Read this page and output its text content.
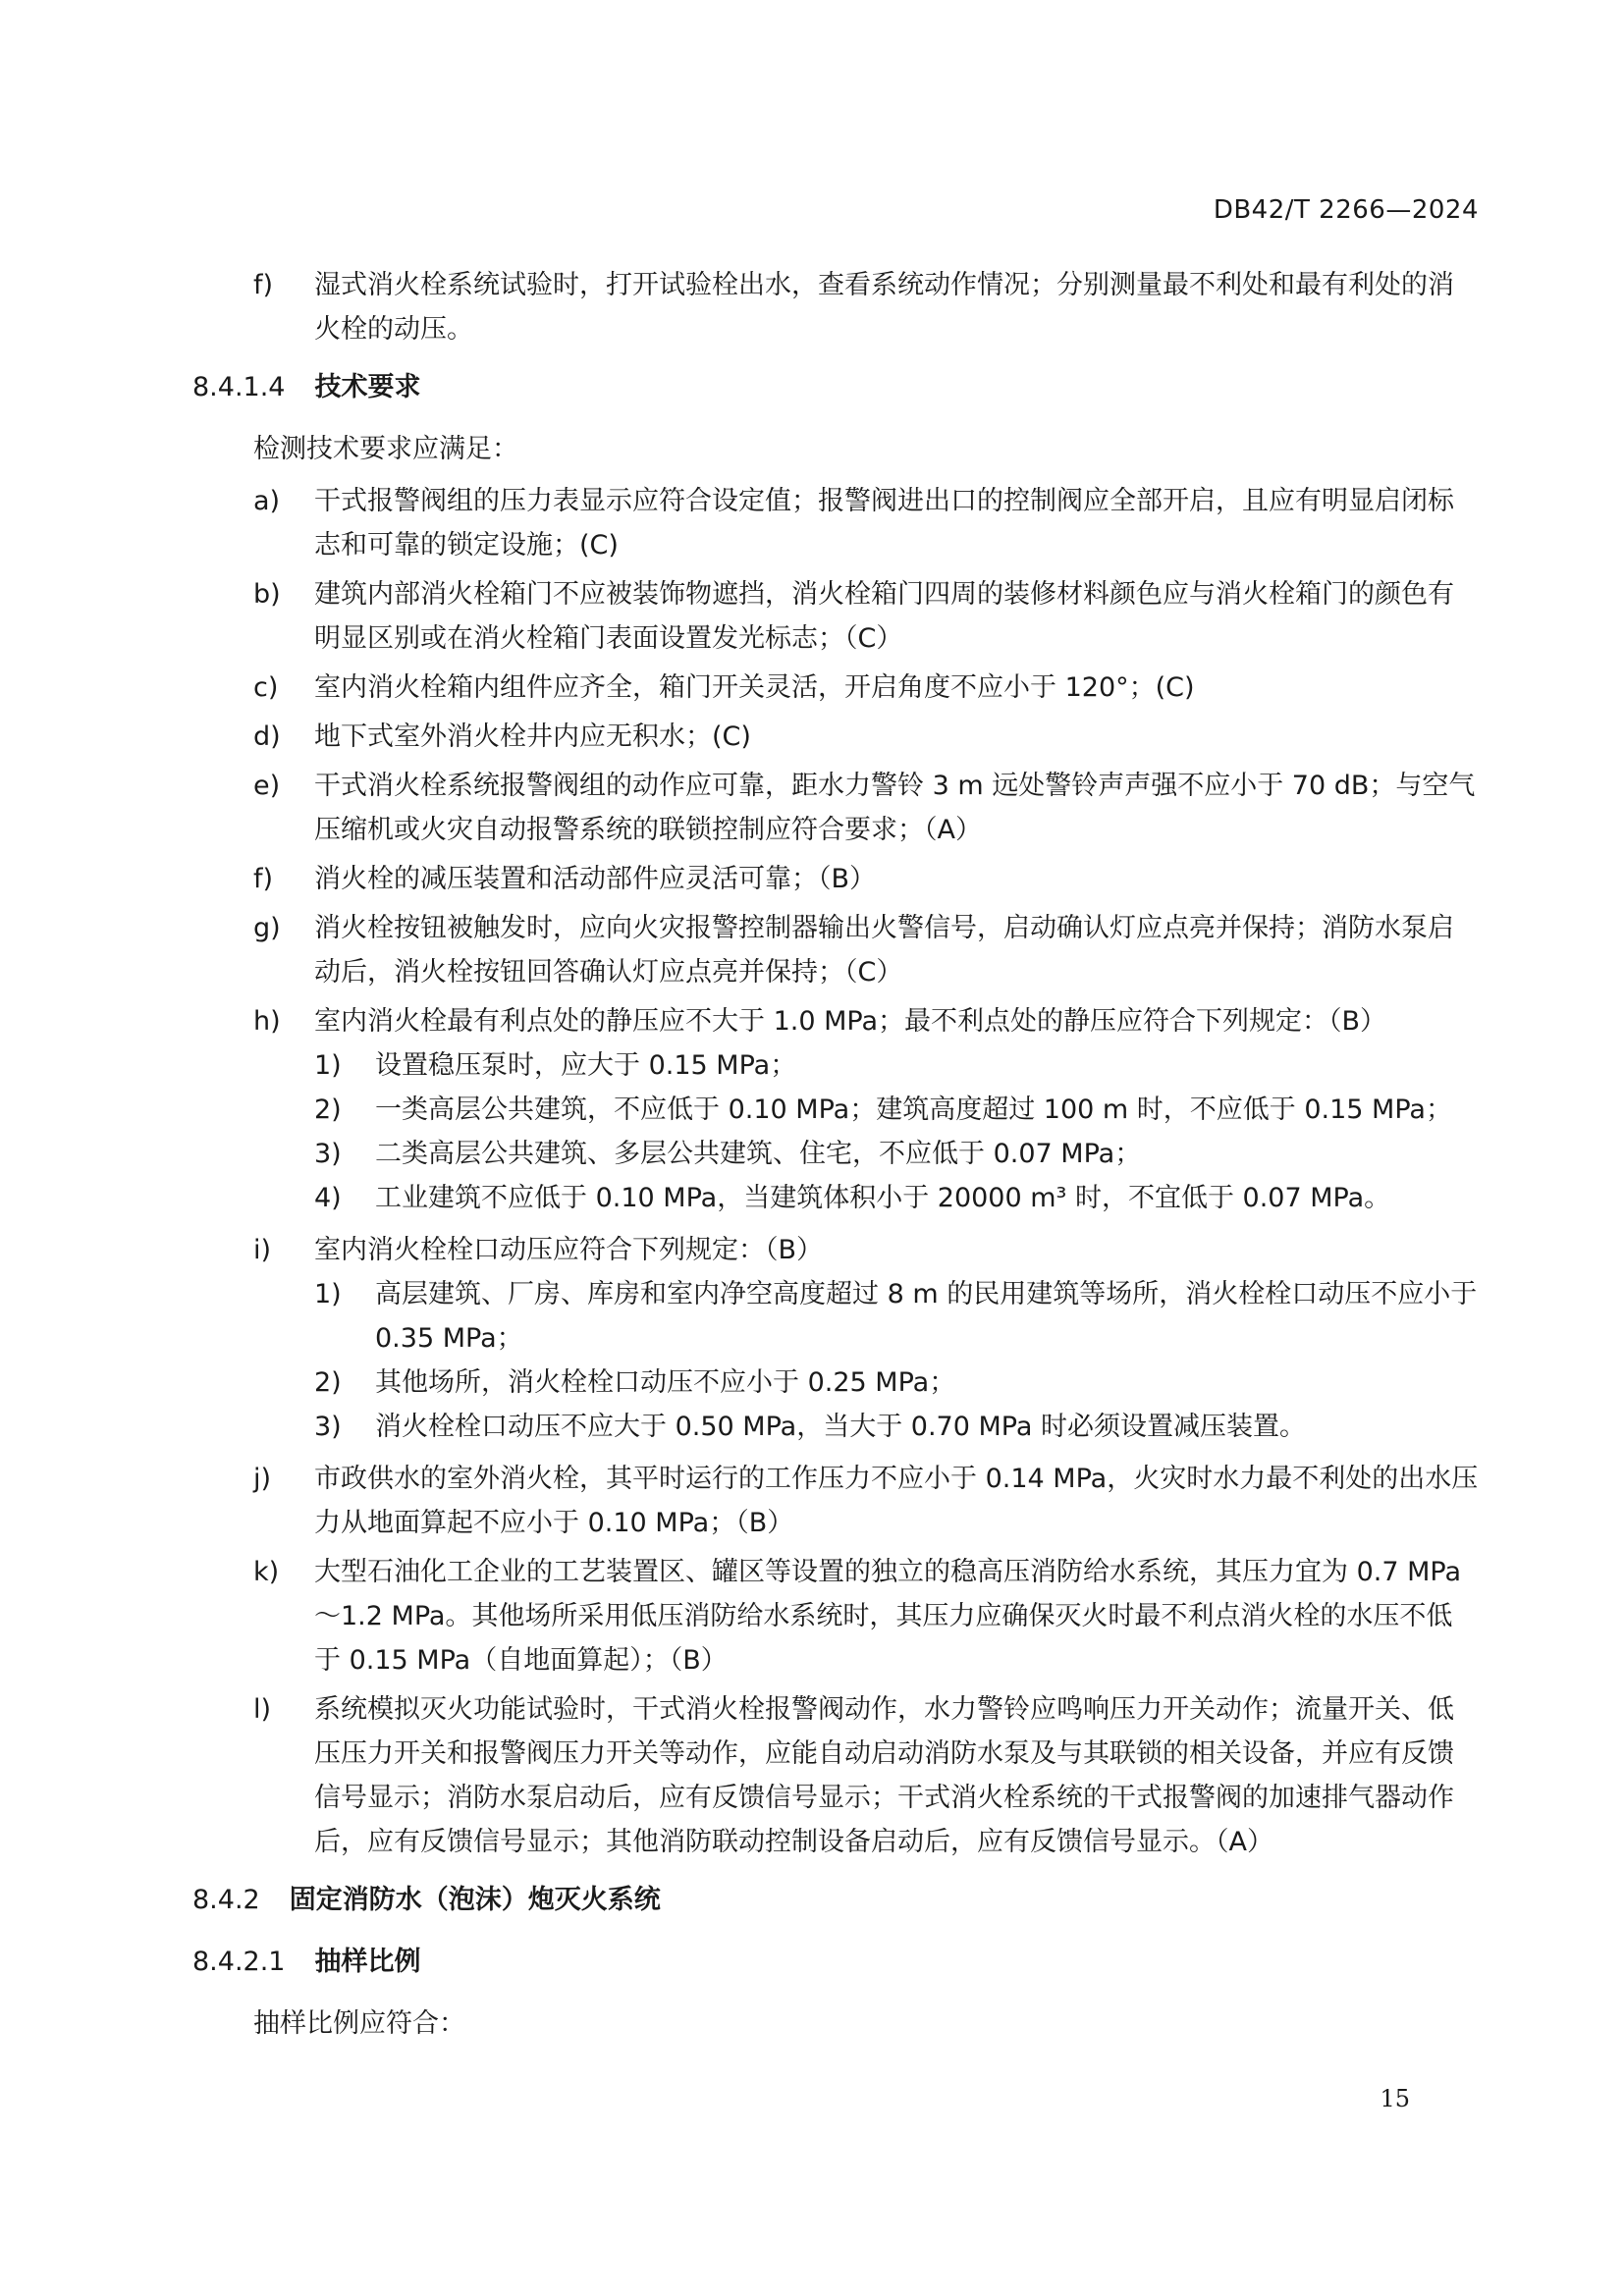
DB42/T 2266—2024
f)	湿式消火栓系统试验时，打开试验栓出水，查看系统动作情况；分别测量最不利处和最有利处的消火栓的动压。
8.4.1.4 技术要求
检测技术要求应满足：
a)	干式报警阀组的压力表显示应符合设定值；报警阀进出口的控制阀应全部开启，且应有明显启闭标志和可靠的锁定设施；(C)
b)	建筑内部消火栓箱门不应被装饰物遮挡，消火栓箱门四周的装修材料颜色应与消火栓箱门的颜色有明显区别或在消火栓箱门表面设置发光标志；（C）
c)	室内消火栓箱内组件应齐全，箱门开关灵活，开启角度不应小于 120°；(C)
d)	地下式室外消火栓井内应无积水；(C)
e)	干式消火栓系统报警阀组的动作应可靠，距水力警铃 3 m 远处警铃声声强不应小于 70 dB；与空气压缩机或火灾自动报警系统的联锁控制应符合要求；（A）
f)	消火栓的减压装置和活动部件应灵活可靠；（B）
g)	消火栓按钮被触发时，应向火灾报警控制器输出火警信号，启动确认灯应点亮并保持；消防水泵启动后，消火栓按钮回答确认灯应点亮并保持；（C）
h)	室内消火栓最有利点处的静压应不大于 1.0 MPa；最不利点处的静压应符合下列规定：（B）
1)	设置稳压泵时，应大于 0.15 MPa；
2)	一类高层公共建筑，不应低于 0.10 MPa；建筑高度超过 100 m 时，不应低于 0.15 MPa；
3)	二类高层公共建筑、多层公共建筑、住宅，不应低于 0.07 MPa；
4)	工业建筑不应低于 0.10 MPa，当建筑体积小于 20000 m³ 时，不宜低于 0.07 MPa。
i)	室内消火栓栓口动压应符合下列规定：（B）
1)	高层建筑、厂房、库房和室内净空高度超过 8 m 的民用建筑等场所，消火栓栓口动压不应小于 0.35 MPa；
2)	其他场所，消火栓栓口动压不应小于 0.25 MPa；
3)	消火栓栓口动压不应大于 0.50 MPa，当大于 0.70 MPa 时必须设置减压装置。
j)	市政供水的室外消火栓，其平时运行的工作压力不应小于 0.14 MPa，火灾时水力最不利处的出水压力从地面算起不应小于 0.10 MPa；（B）
k)	大型石油化工企业的工艺装置区、罐区等设置的独立的稳高压消防给水系统，其压力宜为 0.7 MPa～1.2 MPa。其他场所采用低压消防给水系统时，其压力应确保灭火时最不利点消火栓的水压不低于 0.15 MPa（自地面算起）；（B）
l)	系统模拟灭火功能试验时，干式消火栓报警阀动作，水力警铃应鸣响压力开关动作；流量开关、低压压力开关和报警阀压力开关等动作，应能自动启动消防水泵及与其联锁的相关设备，并应有反馈信号显示；消防水泵启动后，应有反馈信号显示；干式消火栓系统的干式报警阀的加速排气器动作后，应有反馈信号显示；其他消防联动控制设备启动后，应有反馈信号显示。（A）
8.4.2 固定消防水（泡沫）炮灭火系统
8.4.2.1 抽样比例
抽样比例应符合：
15
